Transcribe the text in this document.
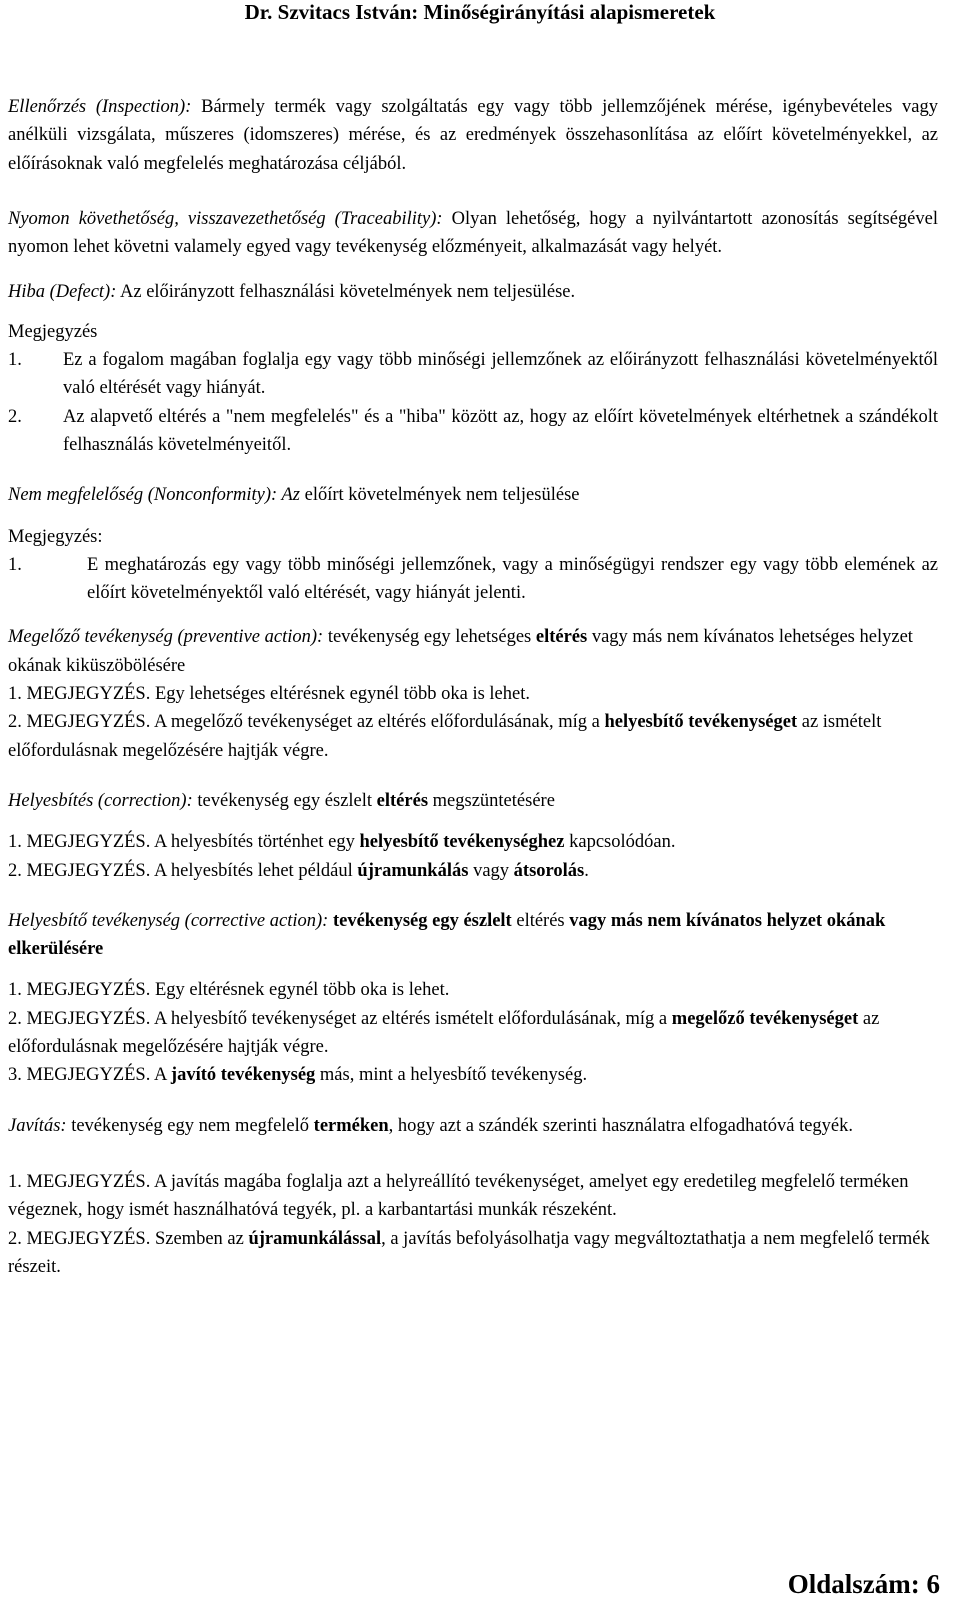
Dr. Szvitacs István: Minőségirányítási alapismeretek

Ellenőrzés (Inspection): Bármely termék vagy szolgáltatás egy vagy több jellemzőjének mérése, igénybevételes vagy anélküli vizsgálata, műszeres (idomszeres) mérése, és az eredmények összehasonlítása az előírt követelményekkel, az előírásoknak való megfelelés meghatározása céljából.

Nyomon követhetőség, visszavezethetőség (Traceability): Olyan lehetőség, hogy a nyilvántartott azonosítás segítségével nyomon lehet követni valamely egyed vagy tevékenység előzményeit, alkalmazását vagy helyét.

Hiba (Defect): Az előirányzott felhasználási követelmények nem teljesülése.

Megjegyzés

1. Ez a fogalom magában foglalja egy vagy több minőségi jellemzőnek az előirányzott felhasználási követelményektől való eltérését vagy hiányát.
2. Az alapvető eltérés a "nem megfelelés" és a "hiba" között az, hogy az előírt követelmények eltérhetnek a szándékolt felhasználás követelményeitől.

Nem megfelelőség (Nonconformity): Az előírt követelmények nem teljesülése

Megjegyzés:

1.	E meghatározás egy vagy több minőségi jellemzőnek, vagy a minőségügyi rendszer egy vagy több elemének az előírt követelményektől való eltérését, vagy hiányát jelenti.

Megelőző tevékenység (preventive action): tevékenység egy lehetséges eltérés vagy más nem kívánatos lehetséges helyzet okának kiküszöbölésére

1. MEGJEGYZÉS. Egy lehetséges eltérésnek egynél több oka is lehet.

2. MEGJEGYZÉS. A megelőző tevékenységet az eltérés előfordulásának, míg a helyesbítő tevékenységet az ismételt előfordulásnak megelőzésére hajtják végre.

Helyesbítés (correction): tevékenység egy észlelt eltérés megszüntetésére

1. MEGJEGYZÉS. A helyesbítés történhet egy helyesbítő tevékenységhez kapcsolódóan.

2. MEGJEGYZÉS. A helyesbítés lehet például újramunkálás vagy átsorolás.

Helyesbítő tevékenység (corrective action): tevékenység egy észlelt eltérés vagy más nem kívánatos helyzet okának elkerülésére

1. MEGJEGYZÉS. Egy eltérésnek egynél több oka is lehet.

2. MEGJEGYZÉS. A helyesbítő tevékenységet az eltérés ismételt előfordulásának, míg a megelőző tevékenységet az előfordulásnak megelőzésére hajtják végre.

3. MEGJEGYZÉS. A javító tevékenység más, mint a helyesbítő tevékenység.

Javítás: tevékenység egy nem megfelelő terméken, hogy azt a szándék szerinti használatra elfogadhatóvá tegyék.

1. MEGJEGYZÉS. A javítás magába foglalja azt a helyreállító tevékenységet, amelyet egy eredetileg megfelelő terméken végeznek, hogy ismét használhatóvá tegyék, pl. a karbantartási munkák részeként.

2. MEGJEGYZÉS. Szemben az újramunkálással, a javítás befolyásolhatja vagy megváltoztathatja a nem megfelelő termék részeit.

Oldalszám: 6
